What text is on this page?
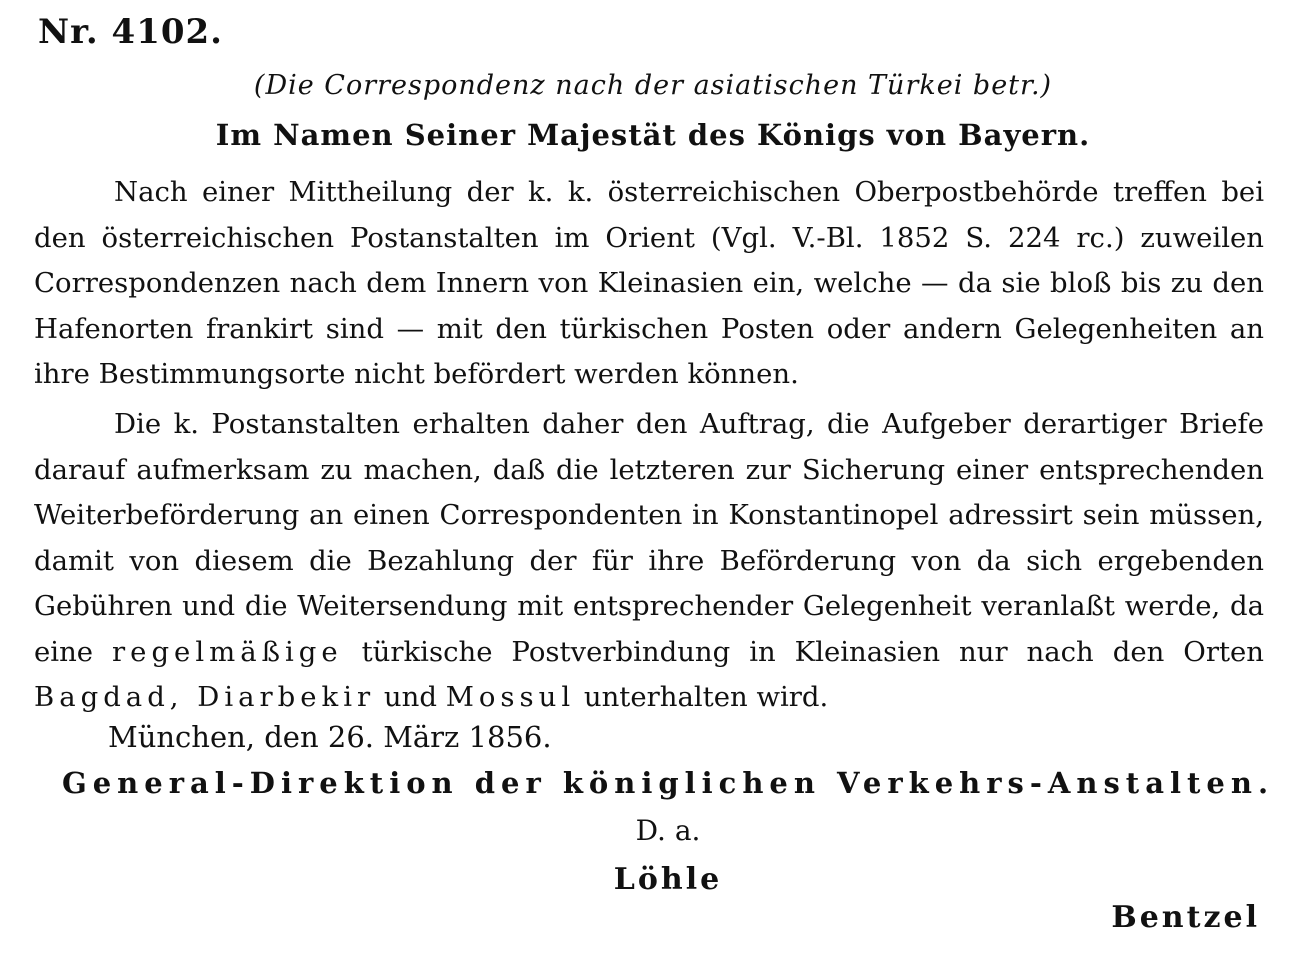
Nr. 4102.
(Die Correspondenz nach der asiatischen Türkei betr.)
Im Namen Seiner Majestät des Königs von Bayern.

Nach einer Mittheilung der k. k. österreichischen Oberpostbehörde treffen bei den österreichischen Postanstalten im Orient (Vgl. V.-Bl. 1852 S. 224 rc.) zuweilen Correspondenzen nach dem Innern von Kleinasien ein, welche — da sie bloß bis zu den Hafenorten frankirt sind — mit den türkischen Posten oder andern Gelegenheiten an ihre Bestimmungsorte nicht befördert werden können.

Die k. Postanstalten erhalten daher den Auftrag, die Aufgeber derartiger Briefe darauf aufmerksam zu machen, daß die letzteren zur Sicherung einer entsprechenden Weiterbeförderung an einen Correspondenten in Konstantinopel adressirt sein müssen, damit von diesem die Bezahlung der für ihre Beförderung von da sich ergebenden Gebühren und die Weitersendung mit entsprechender Gelegenheit veranlaßt werde, da eine regelmäßige türkische Postverbindung in Kleinasien nur nach den Orten Bagdad, Diarbekir und Mossul unterhalten wird.

München, den 26. März 1856.
General-Direktion der königlichen Verkehrs-Anstalten.
D. a.
Löhle
Bentzel
